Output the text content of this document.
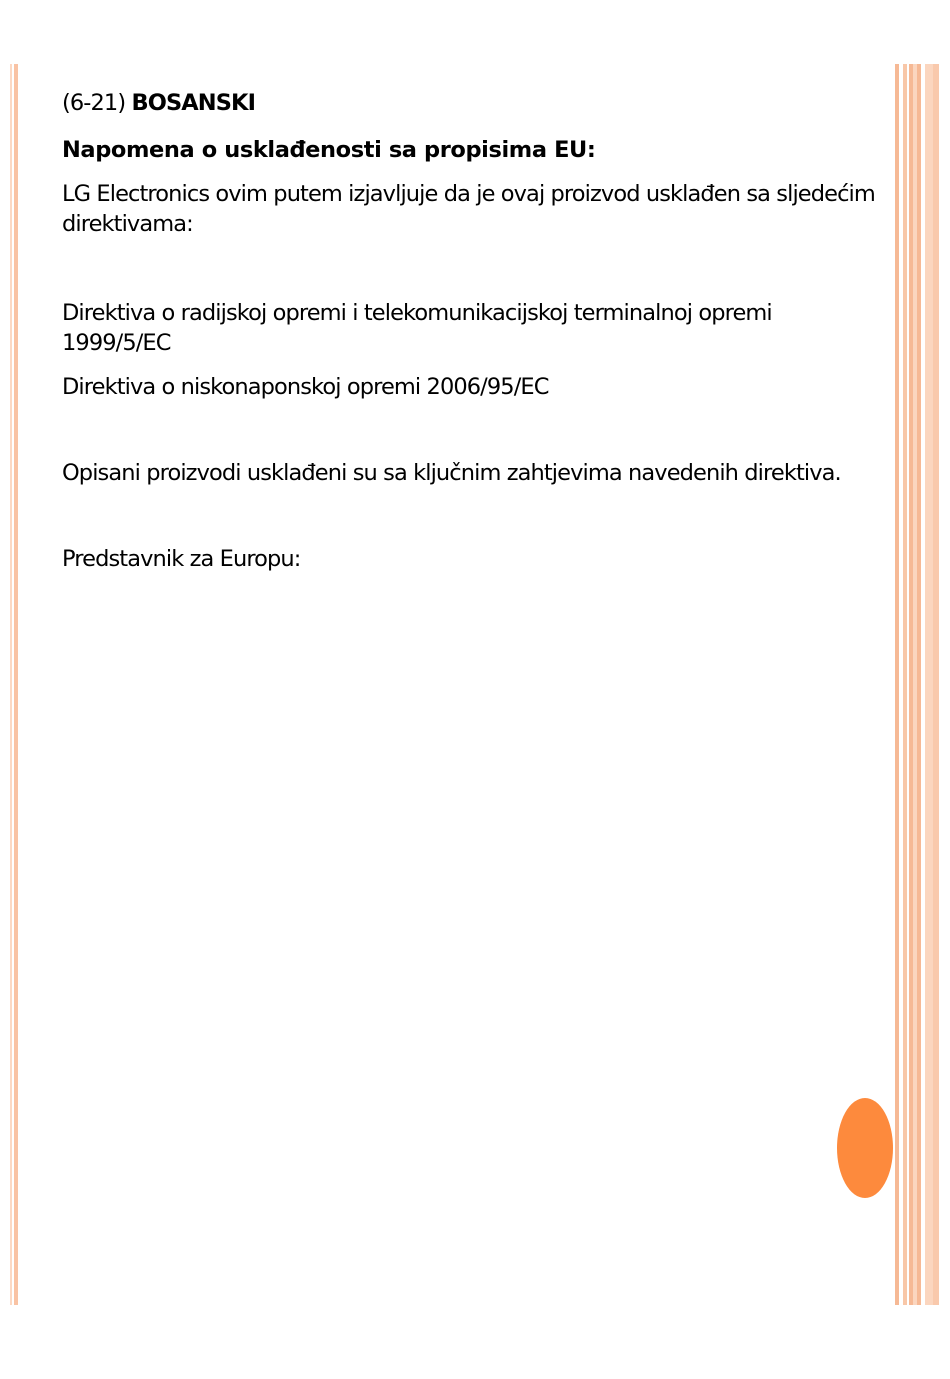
(6-21) BOSANSKI

Napomena o usklađenosti sa propisima EU:

LG Electronics ovim putem izjavljuje da je ovaj proizvod usklađen sa sljedećim

direktivama:

Direktiva o radijskoj opremi i telekomunikacijskoj terminalnoj opremi

1999/5/EC

Direktiva o niskonaponskoj opremi 2006/95/EC

Opisani proizvodi usklađeni su sa ključnim zahtjevima navedenih direktiva.

Predstavnik za Europu:
